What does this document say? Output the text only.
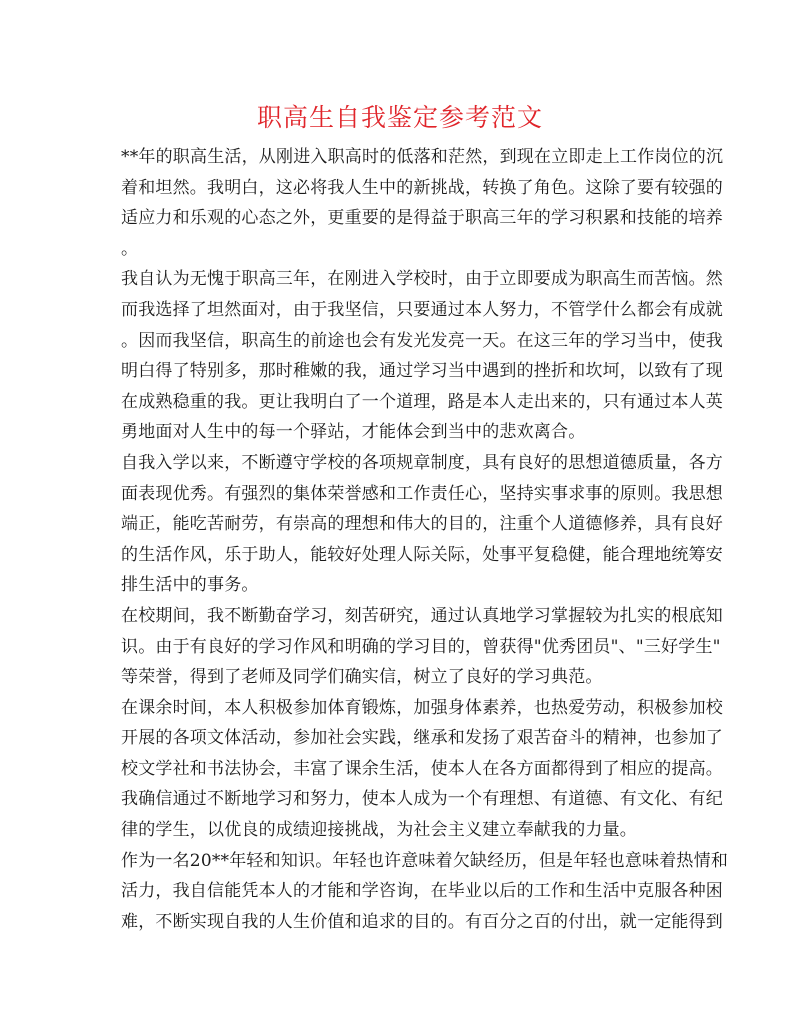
职高生自我鉴定参考范文
**年的职高生活，从刚进入职高时的低落和茫然，到现在立即走上工作岗位的沉
着和坦然。我明白，这必将我人生中的新挑战，转换了角色。这除了要有较强的
适应力和乐观的心态之外，更重要的是得益于职高三年的学习积累和技能的培养
。
我自认为无愧于职高三年，在刚进入学校时，由于立即要成为职高生而苦恼。然
而我选择了坦然面对，由于我坚信，只要通过本人努力，不管学什么都会有成就
。因而我坚信，职高生的前途也会有发光发亮一天。在这三年的学习当中，使我
明白得了特别多，那时稚嫩的我，通过学习当中遇到的挫折和坎坷，以致有了现
在成熟稳重的我。更让我明白了一个道理，路是本人走出来的，只有通过本人英
勇地面对人生中的每一个驿站，才能体会到当中的悲欢离合。
自我入学以来，不断遵守学校的各项规章制度，具有良好的思想道德质量，各方
面表现优秀。有强烈的集体荣誉感和工作责任心，坚持实事求事的原则。我思想
端正，能吃苦耐劳，有崇高的理想和伟大的目的，注重个人道德修养，具有良好
的生活作风，乐于助人，能较好处理人际关际，处事平复稳健，能合理地统筹安
排生活中的事务。
在校期间，我不断勤奋学习，刻苦研究，通过认真地学习掌握较为扎实的根底知
识。由于有良好的学习作风和明确的学习目的，曾获得"优秀团员"、"三好学生"
等荣誉，得到了老师及同学们确实信，树立了良好的学习典范。
在课余时间，本人积极参加体育锻炼，加强身体素养，也热爱劳动，积极参加校
开展的各项文体活动，参加社会实践，继承和发扬了艰苦奋斗的精神，也参加了
校文学社和书法协会，丰富了课余生活，使本人在各方面都得到了相应的提高。
我确信通过不断地学习和努力，使本人成为一个有理想、有道德、有文化、有纪
律的学生，以优良的成绩迎接挑战，为社会主义建立奉献我的力量。
作为一名20**年轻和知识。年轻也许意味着欠缺经历，但是年轻也意味着热情和
活力，我自信能凭本人的才能和学咨询，在毕业以后的工作和生活中克服各种困
难，不断实现自我的人生价值和追求的目的。有百分之百的付出，就一定能得到
